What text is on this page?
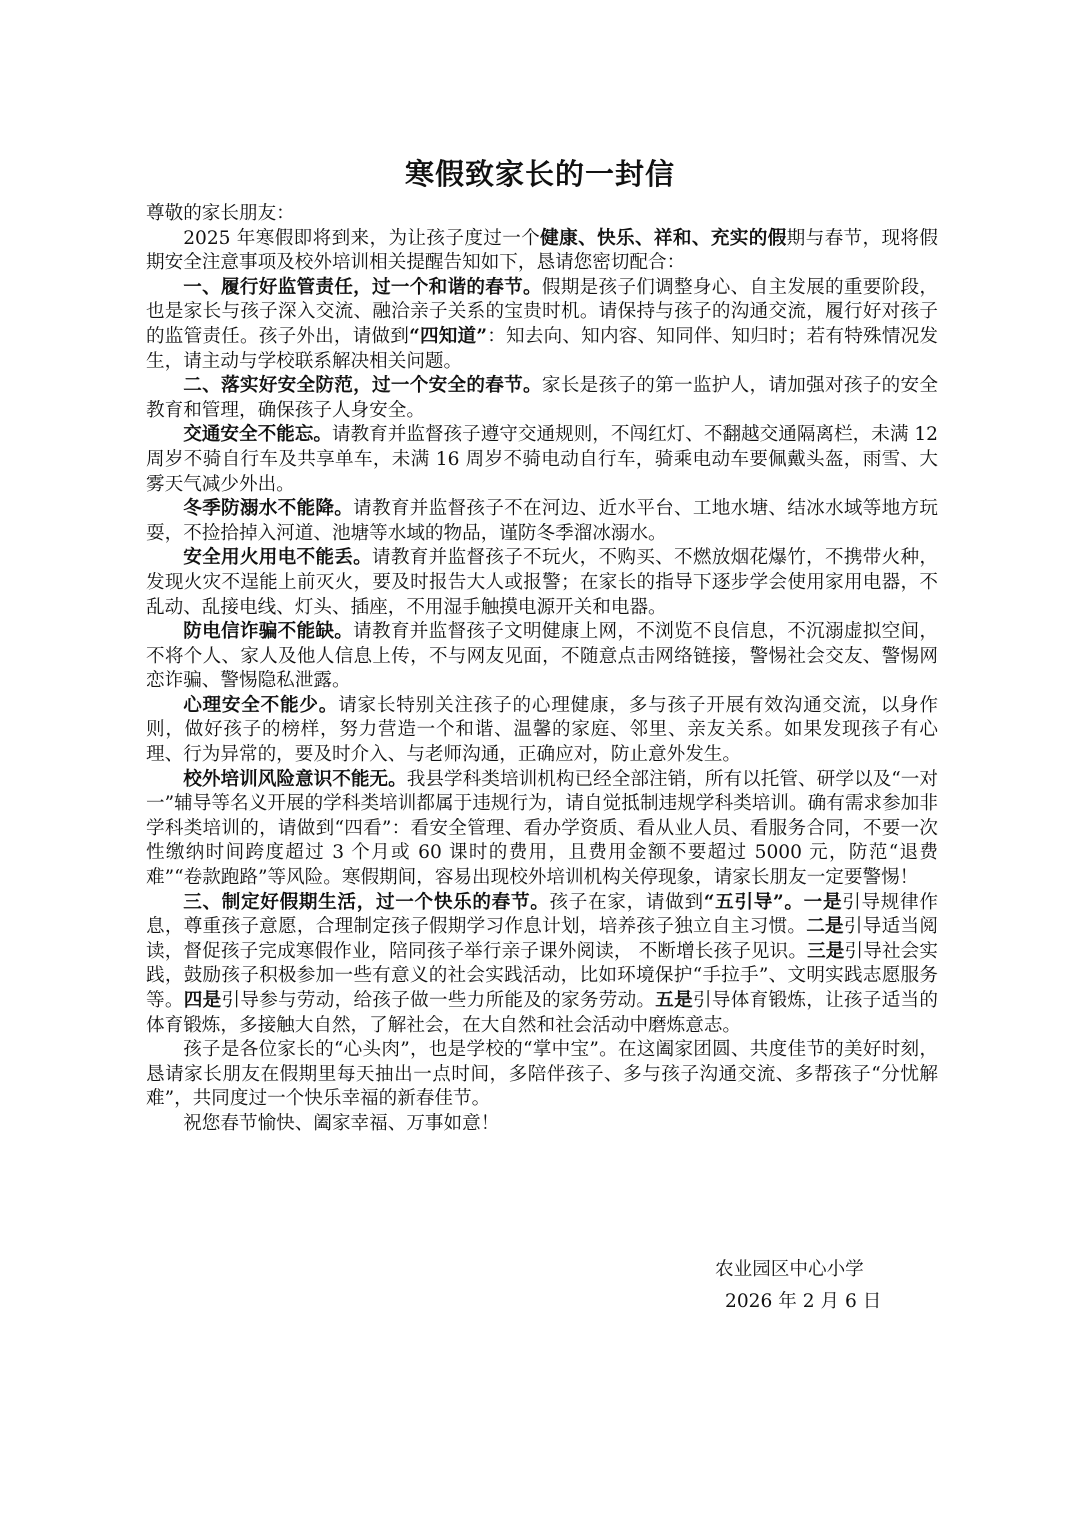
寒假致家长的一封信

尊敬的家长朋友：

2025 年寒假即将到来，为让孩子度过一个健康、快乐、祥和、充实的假期与春节，现将假期安全注意事项及校外培训相关提醒告知如下，恳请您密切配合：

一、履行好监管责任，过一个和谐的春节。假期是孩子们调整身心、自主发展的重要阶段，也是家长与孩子深入交流、融洽亲子关系的宝贵时机。请保持与孩子的沟通交流，履行好对孩子的监管责任。孩子外出，请做到“四知道”：知去向、知内容、知同伴、知归时；若有特殊情况发生，请主动与学校联系解决相关问题。

二、落实好安全防范，过一个安全的春节。家长是孩子的第一监护人，请加强对孩子的安全教育和管理，确保孩子人身安全。

交通安全不能忘。请教育并监督孩子遵守交通规则，不闯红灯、不翻越交通隔离栏，未满 12 周岁不骑自行车及共享单车，未满 16 周岁不骑电动自行车，骑乘电动车要佩戴头盔，雨雪、大雾天气减少外出。

冬季防溺水不能降。请教育并监督孩子不在河边、近水平台、工地水塘、结冰水域等地方玩耍，不捡拾掉入河道、池塘等水域的物品，谨防冬季溜冰溺水。

安全用火用电不能丢。请教育并监督孩子不玩火，不购买、不燃放烟花爆竹，不携带火种，发现火灾不逞能上前灭火，要及时报告大人或报警；在家长的指导下逐步学会使用家用电器，不乱动、乱接电线、灯头、插座，不用湿手触摸电源开关和电器。

防电信诈骗不能缺。请教育并监督孩子文明健康上网，不浏览不良信息，不沉溺虚拟空间，不将个人、家人及他人信息上传，不与网友见面，不随意点击网络链接，警惕社会交友、警惕网恋诈骗、警惕隐私泄露。

心理安全不能少。请家长特别关注孩子的心理健康，多与孩子开展有效沟通交流，以身作则，做好孩子的榜样，努力营造一个和谐、温馨的家庭、邻里、亲友关系。如果发现孩子有心理、行为异常的，要及时介入、与老师沟通，正确应对，防止意外发生。

校外培训风险意识不能无。我县学科类培训机构已经全部注销，所有以托管、研学以及“一对一”辅导等名义开展的学科类培训都属于违规行为，请自觉抵制违规学科类培训。确有需求参加非学科类培训的，请做到“四看”：看安全管理、看办学资质、看从业人员、看服务合同，不要一次性缴纳时间跨度超过 3 个月或 60 课时的费用，且费用金额不要超过 5000 元，防范“退费难”“卷款跑路”等风险。寒假期间，容易出现校外培训机构关停现象，请家长朋友一定要警惕！

三、制定好假期生活，过一个快乐的春节。孩子在家，请做到“五引导”。一是引导规律作息，尊重孩子意愿，合理制定孩子假期学习作息计划，培养孩子独立自主习惯。二是引导适当阅读，督促孩子完成寒假作业，陪同孩子举行亲子课外阅读， 不断增长孩子见识。三是引导社会实践，鼓励孩子积极参加一些有意义的社会实践活动，比如环境保护“手拉手”、文明实践志愿服务等。四是引导参与劳动，给孩子做一些力所能及的家务劳动。五是引导体育锻炼，让孩子适当的体育锻炼，多接触大自然，了解社会，在大自然和社会活动中磨炼意志。

孩子是各位家长的“心头肉”，也是学校的“掌中宝”。在这阖家团圆、共度佳节的美好时刻，恳请家长朋友在假期里每天抽出一点时间，多陪伴孩子、多与孩子沟通交流、多帮孩子“分忧解难”，共同度过一个快乐幸福的新春佳节。

祝您春节愉快、阖家幸福、万事如意！

农业园区中心小学
2026 年 2 月 6 日
